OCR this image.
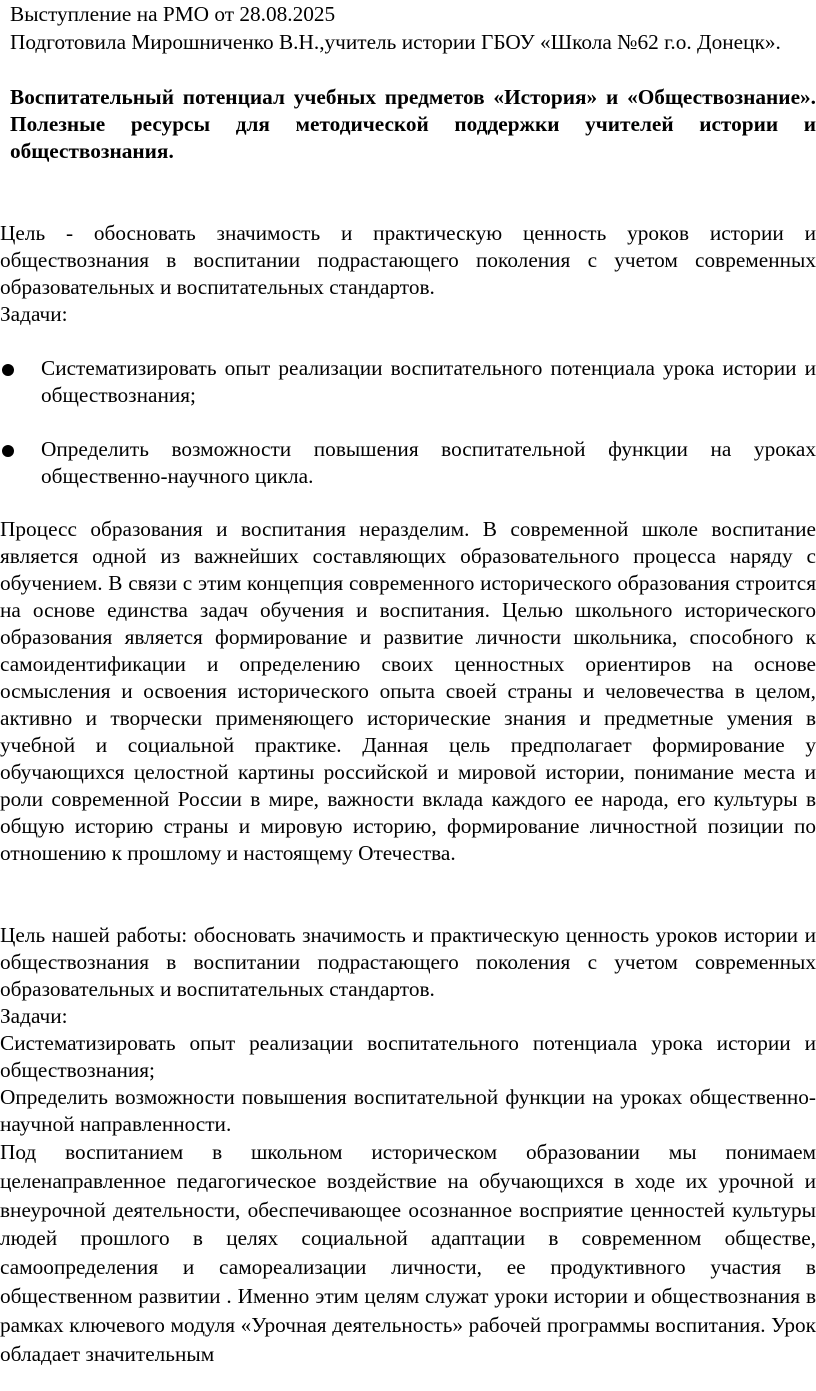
Выступление на РМО от 28.08.2025

Подготовила Мирошниченко В.Н.,учитель истории ГБОУ «Школа №62 г.о. Донецк».

Воспитательный потенциал учебных предметов «История» и «Обществознание». Полезные ресурсы для методической поддержки учителей истории и обществознания.

Цель - обосновать значимость и практическую ценность уроков истории и обществознания в воспитании подрастающего поколения с учетом современных образовательных и воспитательных стандартов.

Задачи:

Систематизировать опыт реализации воспитательного потенциала урока истории и обществознания;
Определить возможности повышения воспитательной функции на уроках общественно-научного цикла.

Процесс образования и воспитания неразделим. В современной школе воспитание является одной из важнейших составляющих образовательного процесса наряду с обучением. В связи с этим концепция современного исторического образования строится на основе единства задач обучения и воспитания. Целью школьного исторического образования является формирование и развитие личности школьника, способного к самоидентификации и определению своих ценностных ориентиров на основе осмысления и освоения исторического опыта своей страны и человечества в целом, активно и творчески применяющего исторические знания и предметные умения в учебной и социальной практике. Данная цель предполагает формирование у обучающихся целостной картины российской и мировой истории, понимание места и роли современной России в мире, важности вклада каждого ее народа, его культуры в общую историю страны и мировую историю, формирование личностной позиции по отношению к прошлому и настоящему Отечества.

Цель нашей работы: обосновать значимость и практическую ценность уроков истории и обществознания в воспитании подрастающего поколения с учетом современных образовательных и воспитательных стандартов.

Задачи:

Систематизировать опыт реализации воспитательного потенциала урока истории и обществознания;

Определить возможности повышения воспитательной функции на уроках общественно-научной направленности.

Под воспитанием в школьном историческом образовании мы понимаем целенаправленное педагогическое воздействие на обучающихся в ходе их урочной и внеурочной деятельности, обеспечивающее осознанное восприятие ценностей культуры людей прошлого в целях социальной адаптации в современном обществе, самоопределения и самореализации личности, ее продуктивного участия в общественном развитии . Именно этим целям служат уроки истории и обществознания в рамках ключевого модуля «Урочная деятельность» рабочей программы воспитания. Урок обладает значительным
